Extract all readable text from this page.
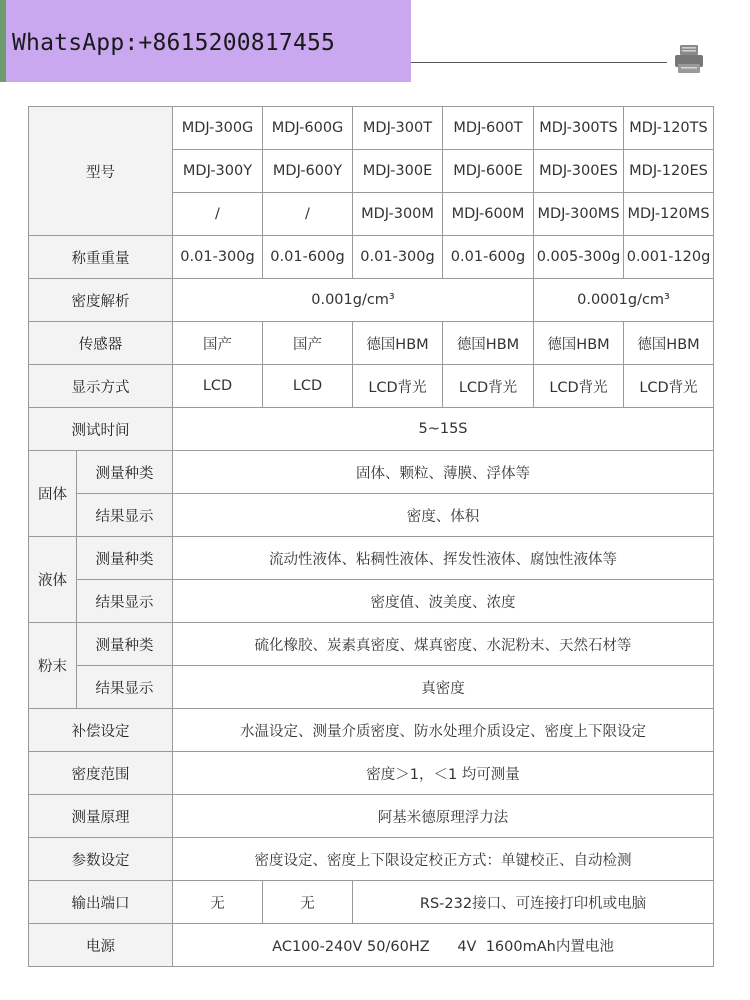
WhatsApp:+8615200817455
型号		MDJ-300G	MDJ-600G	MDJ-300T	MDJ-600T	MDJ-300TS	MDJ-120TS
		MDJ-300Y	MDJ-600Y	MDJ-300E	MDJ-600E	MDJ-300ES	MDJ-120ES
		/	/	MDJ-300M	MDJ-600M	MDJ-300MS	MDJ-120MS
称重重量		0.01-300g	0.01-600g	0.01-300g	0.01-600g	0.005-300g	0.001-120g
密度解析		0.001g/cm³				0.0001g/cm³	
传感器		国产	国产	德国HBM	德国HBM	德国HBM	德国HBM
显示方式		LCD	LCD	LCD背光	LCD背光	LCD背光	LCD背光
测试时间		5~15S					
固体	测量种类	固体、颗粒、薄膜、浮体等					
	结果显示	密度、体积					
液体	测量种类	流动性液体、粘稠性液体、挥发性液体、腐蚀性液体等					
	结果显示	密度值、波美度、浓度					
粉末	测量种类	硫化橡胶、炭素真密度、煤真密度、水泥粉末、天然石材等					
	结果显示	真密度					
补偿设定		水温设定、测量介质密度、防水处理介质设定、密度上下限设定					
密度范围		密度＞1，＜1 均可测量					
测量原理		阿基米德原理浮力法					
参数设定		密度设定、密度上下限设定校正方式：单键校正、自动检测					
输出端口		无	无	RS-232接口、可连接打印机或电脑			
电源		AC100-240V 50/60HZ      4V  1600mAh内置电池					
